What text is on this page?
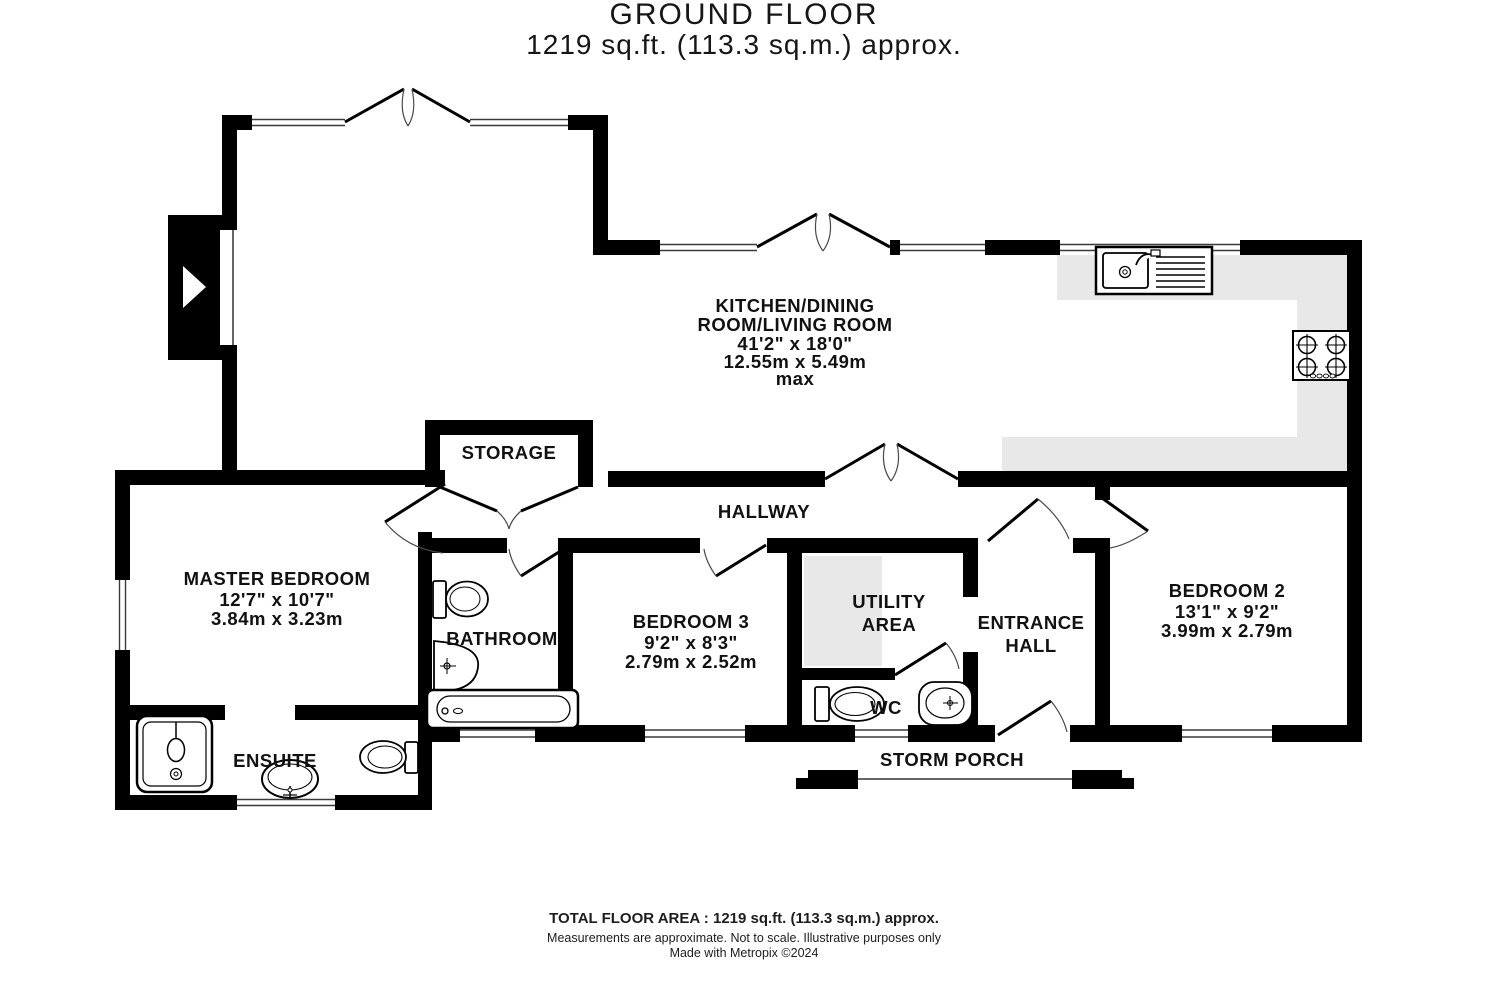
GROUND FLOOR
1219 sq.ft. (113.3 sq.m.) approx.
KITCHEN/DINING
ROOM/LIVING ROOM
41'2" x 18'0"
12.55m x 5.49m
max
STORAGE
HALLWAY
MASTER BEDROOM
12'7" x 10'7"
3.84m x 3.23m
BATHROOM
BEDROOM 3
9'2" x 8'3"
2.79m x 2.52m
UTILITY
AREA	ENTRANCE
HALL
BEDROOM 2
13'1" x 9'2"
3.99m x 2.79m
WC
ENSUITE	STORM PORCH
TOTAL FLOOR AREA : 1219 sq.ft. (113.3 sq.m.) approx.
Measurements are approximate. Not to scale. Illustrative purposes only
Made with Metropix ©2024
